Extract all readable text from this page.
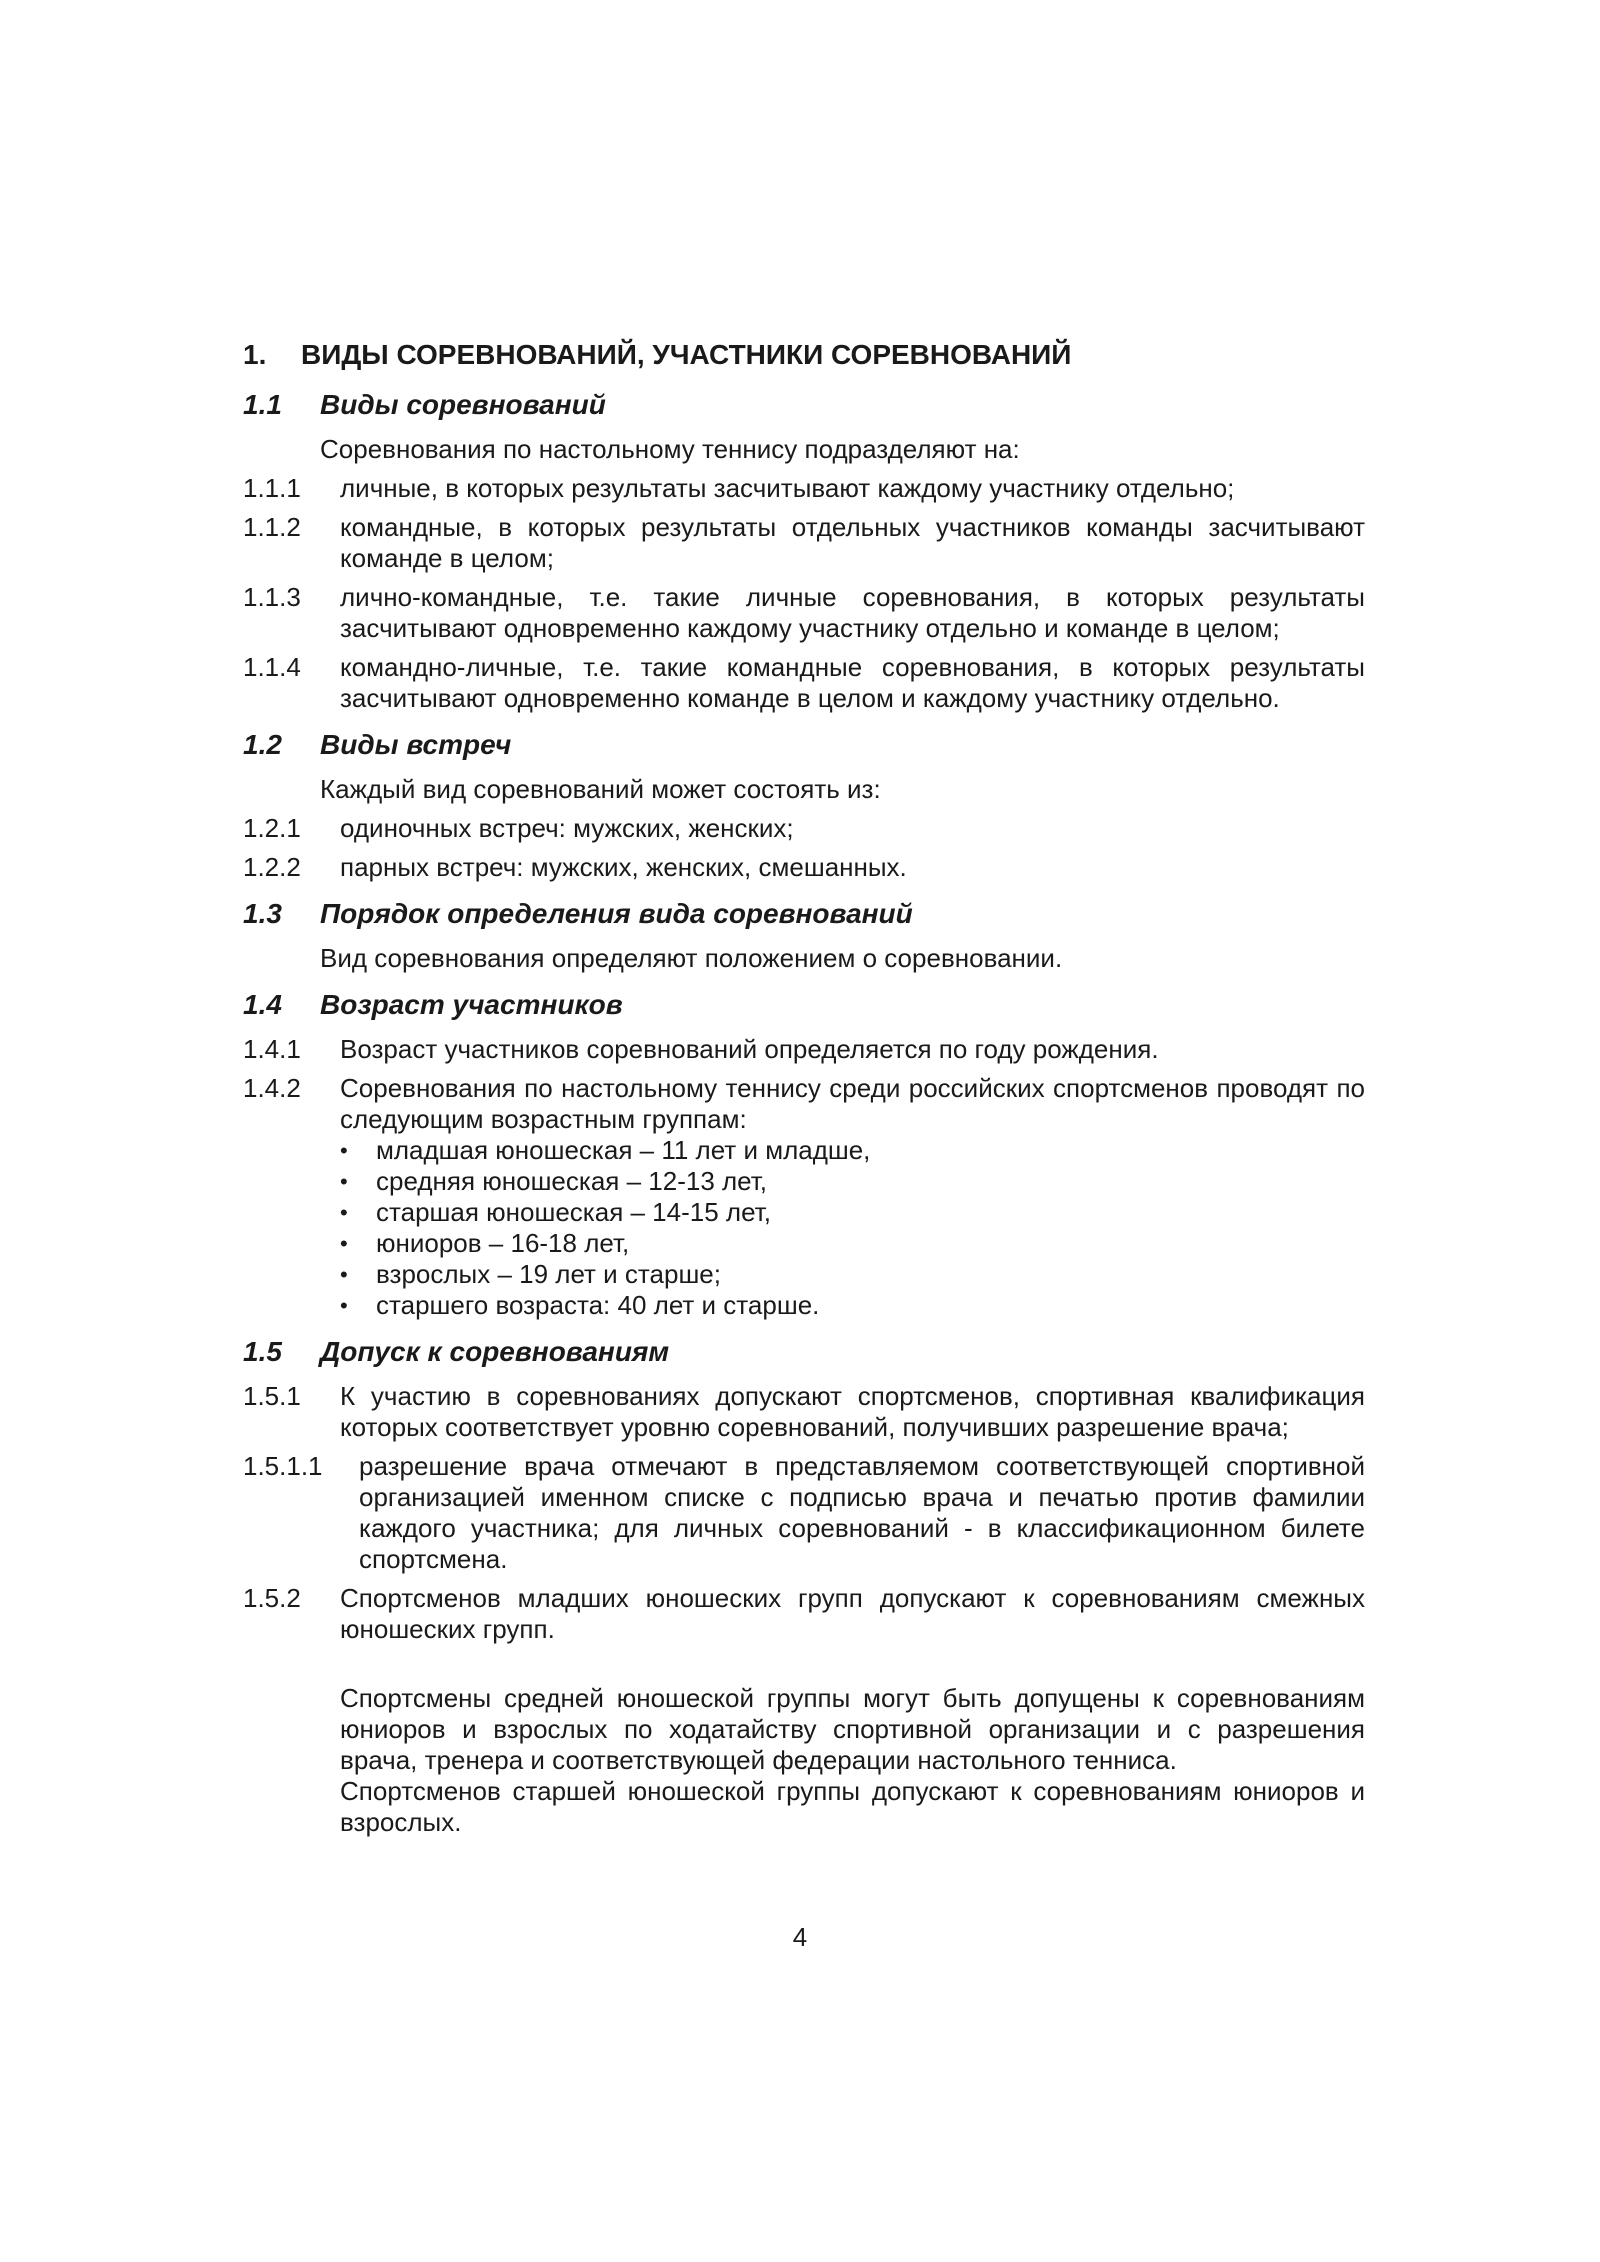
1.	ВИДЫ СОРЕВНОВАНИЙ, УЧАСТНИКИ СОРЕВНОВАНИЙ
1.1	Виды соревнований
Соревнования по настольному теннису подразделяют на:
1.1.1	личные, в которых результаты засчитывают каждому участнику отдельно;
1.1.2	командные, в которых результаты отдельных участников команды засчитывают команде в целом;
1.1.3	лично-командные, т.е. такие личные соревнования, в которых результаты засчитывают одновременно каждому участнику отдельно и команде в целом;
1.1.4	командно-личные, т.е. такие командные соревнования, в которых результаты засчитывают одновременно команде в целом и каждому участнику отдельно.
1.2	Виды встреч
Каждый вид соревнований может состоять из:
1.2.1	одиночных встреч: мужских, женских;
1.2.2	парных встреч: мужских, женских, смешанных.
1.3	Порядок определения вида соревнований
Вид соревнования определяют положением о соревновании.
1.4	Возраст участников
1.4.1	Возраст участников соревнований определяется по году рождения.
1.4.2	Соревнования по настольному теннису среди российских спортсменов проводят по следующим возрастным группам:
•	младшая юношеская – 11 лет и младше,
•	средняя юношеская – 12-13 лет,
•	старшая юношеская – 14-15 лет,
•	юниоров – 16-18 лет,
•	взрослых – 19 лет и старше;
•	старшего возраста: 40 лет и старше.
1.5	Допуск к соревнованиям
1.5.1	К участию в соревнованиях допускают спортсменов, спортивная квалификация которых соответствует уровню соревнований, получивших разрешение врача;
1.5.1.1	разрешение врача отмечают в представляемом соответствующей спортивной организацией именном списке с подписью врача и печатью против фамилии каждого участника; для личных соревнований - в классификационном билете спортсмена.
1.5.2	Спортсменов младших юношеских групп допускают к соревнованиям смежных юношеских групп.
Спортсмены средней юношеской группы могут быть допущены к соревнованиям юниоров и взрослых по ходатайству спортивной организации и с разрешения врача, тренера и соответствующей федерации настольного тенниса.
Спортсменов старшей юношеской группы допускают к соревнованиям юниоров и взрослых.
4
